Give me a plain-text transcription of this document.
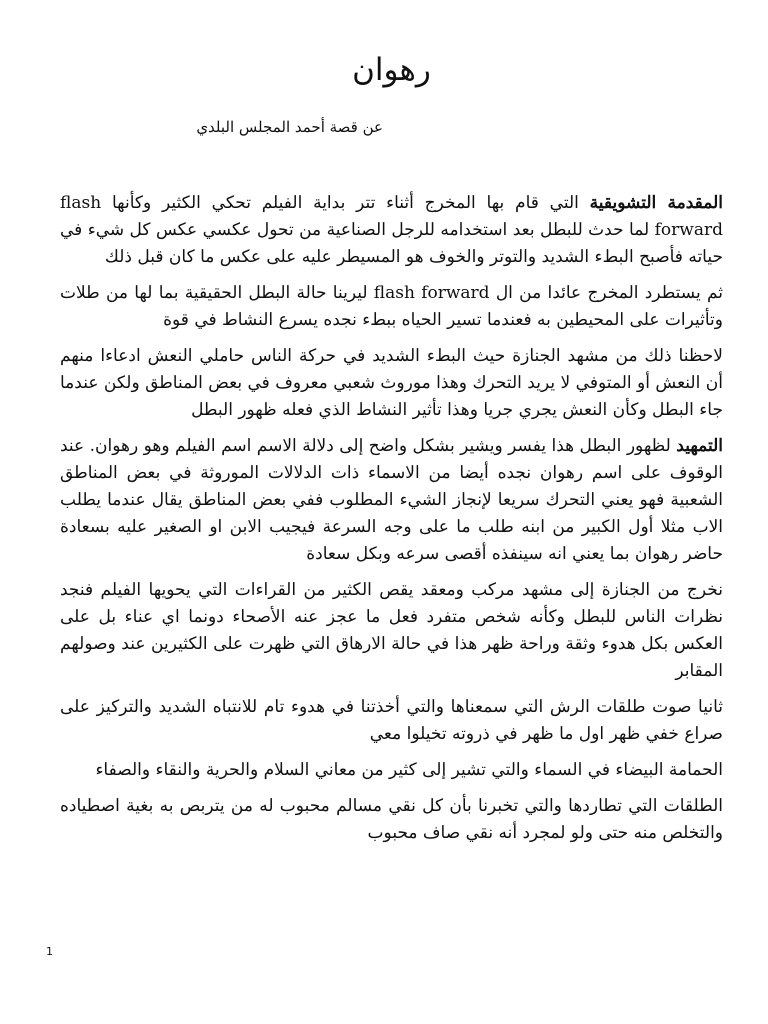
رهوان
عن قصة أحمد المجلس البلدي

المقدمة التشويقية التي قام بها المخرج أثناء تتر بداية الفيلم تحكي الكثير وكأنها flash forward لما حدث للبطل بعد استخدامه للرجل الصناعية من تحول عكسي عكس كل شيء في حياته فأصبح البطء الشديد والتوتر والخوف هو المسيطر عليه على عكس ما كان قبل ذلك

ثم يستطرد المخرج عائدا من ال flash forward ليرينا حالة البطل الحقيقية بما لها من طلات وتأثيرات على المحيطين به فعندما تسير الحياه ببطء نجده يسرع النشاط في قوة

لاحظنا ذلك من مشهد الجنازة حيث البطء الشديد في حركة الناس حاملي النعش ادعاءا منهم أن النعش أو المتوفي لا يريد التحرك وهذا موروث شعبي معروف في بعض المناطق ولكن عندما جاء البطل وكأن النعش يجري جريا وهذا تأثير النشاط الذي فعله ظهور البطل

التمهيد لظهور البطل هذا يفسر ويشير بشكل واضح إلى دلالة الاسم اسم الفيلم وهو رهوان. عند الوقوف على اسم رهوان نجده أيضا من الاسماء ذات الدلالات الموروثة في بعض المناطق الشعبية فهو يعني التحرك سريعا لإنجاز الشيء المطلوب ففي بعض المناطق يقال عندما يطلب الاب مثلا أول الكبير من ابنه طلب ما على وجه السرعة فيجيب الابن او الصغير عليه بسعادة حاضر رهوان بما يعني انه سينفذه أقصى سرعه وبكل سعادة

نخرج من الجنازة إلى مشهد مركب ومعقد يقص الكثير من القراءات التي يحويها الفيلم فنجد نظرات الناس للبطل وكأنه شخص متفرد فعل ما عجز عنه الأصحاء دونما اي عناء بل على العكس بكل هدوء وثقة وراحة ظهر هذا في حالة الارهاق التي ظهرت على الكثيرين عند وصولهم المقابر

ثانيا صوت طلقات الرش التي سمعناها والتي أخذتنا في هدوء تام للانتباه الشديد والتركيز على صراع خفي ظهر اول ما ظهر في ذروته تخيلوا معي

الحمامة البيضاء في السماء والتي تشير إلى كثير من معاني السلام والحرية والنقاء والصفاء

الطلقات التي تطاردها والتي تخبرنا بأن كل نقي مسالم محبوب له من يتربص به بغية اصطياده والتخلص منه حتى ولو لمجرد أنه نقي صاف محبوب

1
